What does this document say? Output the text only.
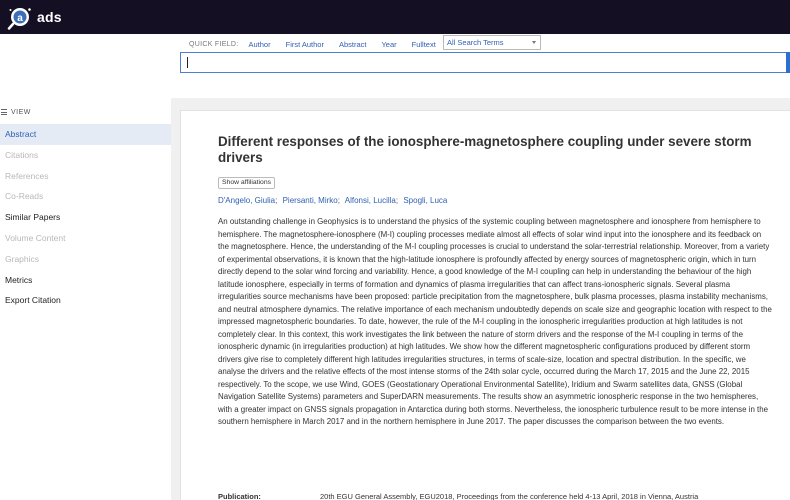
a ads
QUICK FIELD: Author First Author Abstract Year Fulltext	All Search Terms
VIEW
Abstract
Citations
References
Co-Reads
Similar Papers
Volume Content
Graphics
Metrics
Export Citation
Different responses of the ionosphere-magnetosphere coupling under severe storm drivers
Show affiliations
D'Angelo, Giulia; Piersanti, Mirko; Alfonsi, Lucilla; Spogli, Luca

An outstanding challenge in Geophysics is to understand the physics of the systemic coupling between magnetosphere and ionosphere from hemisphere to hemisphere. The magnetosphere-ionosphere (M-I) coupling processes mediate almost all effects of solar wind input into the ionosphere and its feedback on the magnetosphere. Hence, the understanding of the M-I coupling processes is crucial to understand the solar-terrestrial relationship. Moreover, from a variety of experimental observations, it is known that the high-latitude ionosphere is profoundly affected by energy sources of magnetospheric origin, which in turn directly depend to the solar wind forcing and variability. Hence, a good knowledge of the M-I coupling can help in understanding the behaviour of the high latitude ionosphere, especially in terms of formation and dynamics of plasma irregularities that can affect trans-ionospheric signals. Several plasma irregularities source mechanisms have been proposed: particle precipitation from the magnetosphere, bulk plasma processes, plasma instability mechanisms, and neutral atmosphere dynamics. The relative importance of each mechanism undoubtedly depends on scale size and geographic location with respect to the impressed magnetospheric boundaries. To date, however, the rule of the M-I coupling in the ionospheric irregularities production at high latitudes is not completely clear. In this context, this work investigates the link between the nature of storm drivers and the response of the M-I coupling in terms of the ionospheric dynamic (in irregularities production) at high latitudes. We show how the different magnetospheric configurations produced by different storm drivers give rise to completely different high latitudes irregularities structures, in terms of scale-size, location and spectral distribution. In the specific, we analyse the drivers and the relative effects of the most intense storms of the 24th solar cycle, occurred during the March 17, 2015 and the June 22, 2015 respectively. To the scope, we use Wind, GOES (Geostationary Operational Environmental Satellite), Iridium and Swarm satellites data, GNSS (Global Navigation Satellite Systems) parameters and SuperDARN measurements. The results show an asymmetric ionospheric response in the two hemispheres, with a greater impact on GNSS signals propagation in Antarctica during both storms. Nevertheless, the ionospheric turbulence result to be more intense in the southern hemisphere in March 2017 and in the northern hemisphere in June 2017. The paper discusses the comparison between the two events.

Publication:	20th EGU General Assembly, EGU2018, Proceedings from the conference held 4-13 April, 2018 in Vienna, Austria
